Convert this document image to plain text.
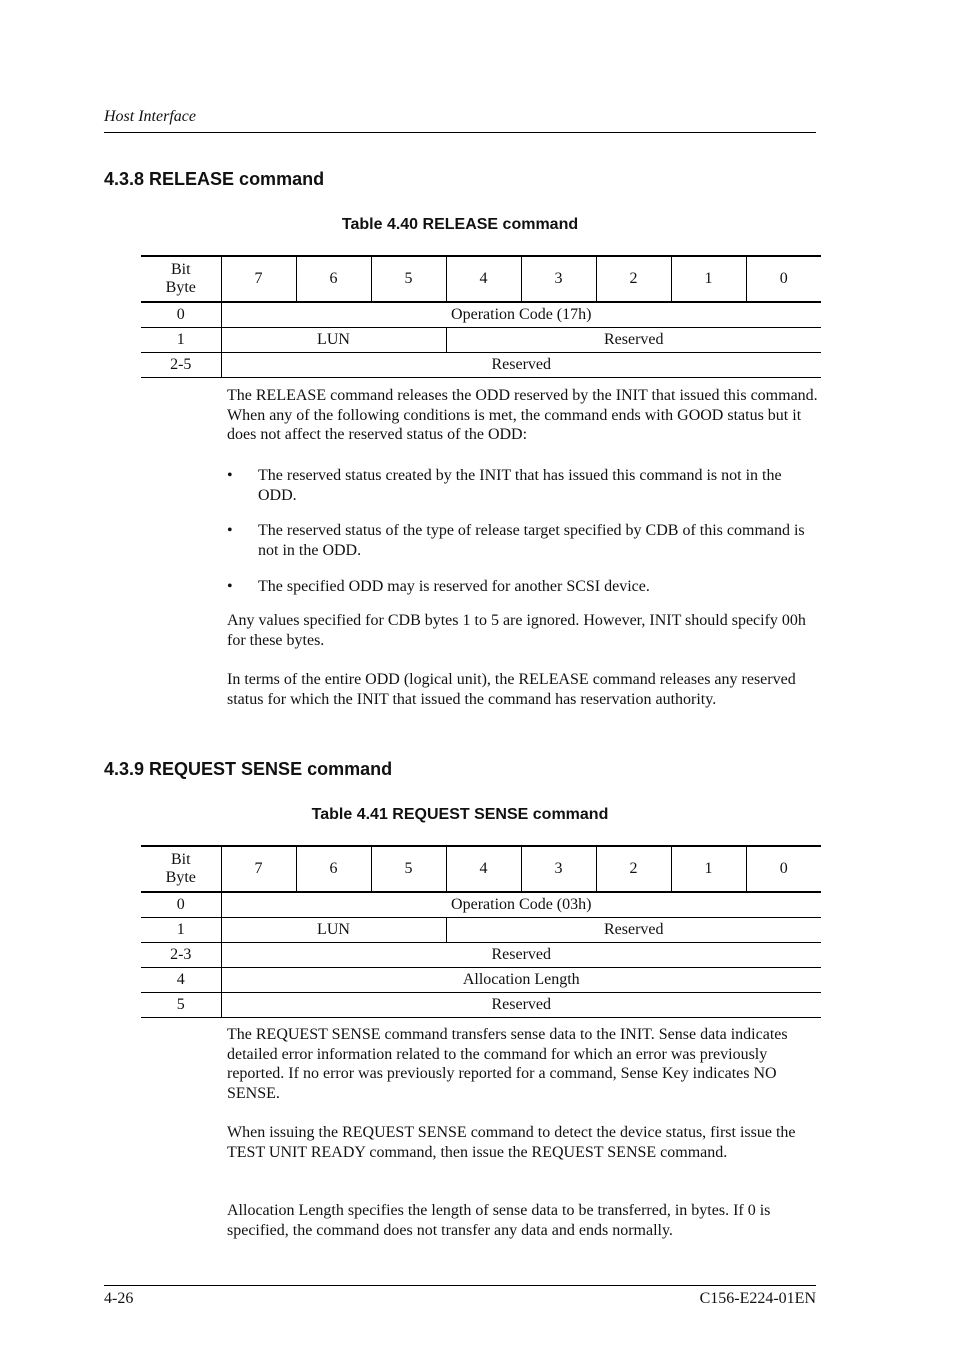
Host Interface
4.3.8 RELEASE command
Table 4.40 RELEASE command
Bit
Byte	7	6	5	4	3	2	1	0
0	Operation Code (17h)							
1	LUN			Reserved				
2-5	Reserved							

The RELEASE command releases the ODD reserved by the INIT that issued this command. When any of the following conditions is met, the command ends with GOOD status but it does not affect the reserved status of the ODD:

• The reserved status created by the INIT that has issued this command is not in the ODD.
• The reserved status of the type of release target specified by CDB of this command is not in the ODD.
• The specified ODD may is reserved for another SCSI device.

Any values specified for CDB bytes 1 to 5 are ignored. However, INIT should specify 00h for these bytes.

In terms of the entire ODD (logical unit), the RELEASE command releases any reserved status for which the INIT that issued the command has reservation authority.

4.3.9 REQUEST SENSE command
Table 4.41 REQUEST SENSE command
Bit
Byte	7	6	5	4	3	2	1	0
0	Operation Code (03h)							
1	LUN			Reserved				
2-3	Reserved							
4	Allocation Length							
5	Reserved							

The REQUEST SENSE command transfers sense data to the INIT. Sense data indicates detailed error information related to the command for which an error was previously reported. If no error was previously reported for a command, Sense Key indicates NO SENSE.

When issuing the REQUEST SENSE command to detect the device status, first issue the TEST UNIT READY command, then issue the REQUEST SENSE command.

Allocation Length specifies the length of sense data to be transferred, in bytes. If 0 is specified, the command does not transfer any data and ends normally.

4-26	C156-E224-01EN
